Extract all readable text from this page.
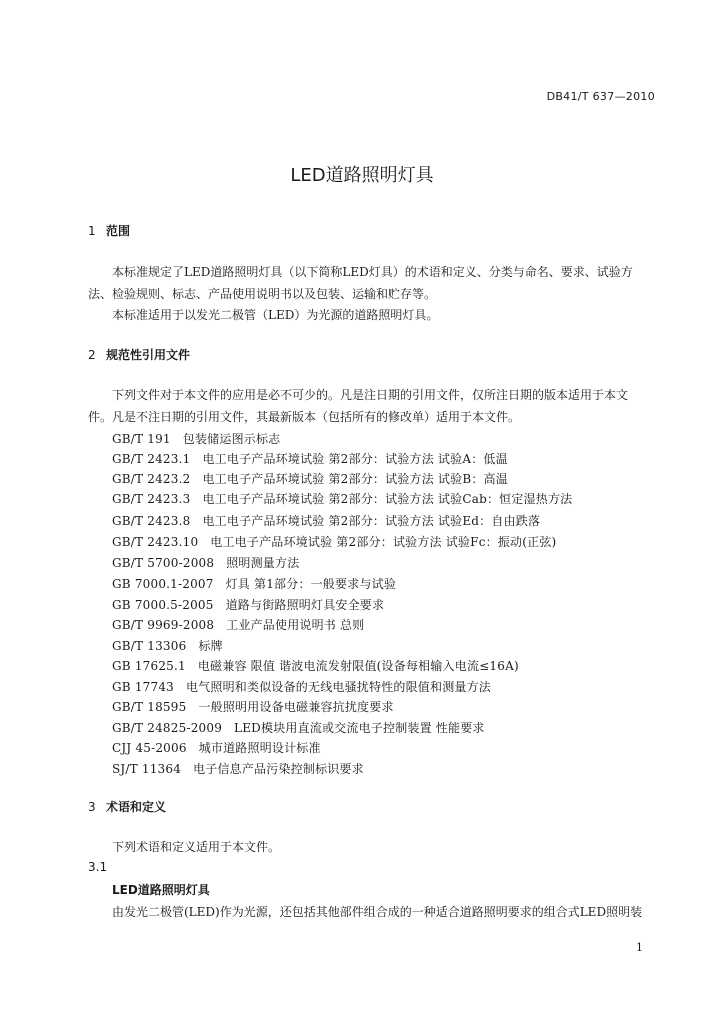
DB41/T 637—2010
LED道路照明灯具
1 范围
本标准规定了LED道路照明灯具（以下简称LED灯具）的术语和定义、分类与命名、要求、试验方
法、检验规则、标志、产品使用说明书以及包装、运输和贮存等。
本标准适用于以发光二极管（LED）为光源的道路照明灯具。
2 规范性引用文件
下列文件对于本文件的应用是必不可少的。凡是注日期的引用文件，仅所注日期的版本适用于本文
件。凡是不注日期的引用文件，其最新版本（包括所有的修改单）适用于本文件。
GB/T 191 包装储运图示标志
GB/T 2423.1 电工电子产品环境试验 第2部分：试验方法 试验A：低温
GB/T 2423.2 电工电子产品环境试验 第2部分：试验方法 试验B：高温
GB/T 2423.3 电工电子产品环境试验 第2部分：试验方法 试验Cab：恒定湿热方法
GB/T 2423.8 电工电子产品环境试验 第2部分：试验方法 试验Ed：自由跌落
GB/T 2423.10 电工电子产品环境试验 第2部分：试验方法 试验Fc：振动(正弦)
GB/T 5700-2008 照明测量方法
GB 7000.1-2007 灯具 第1部分：一般要求与试验
GB 7000.5-2005 道路与街路照明灯具安全要求
GB/T 9969-2008 工业产品使用说明书 总则
GB/T 13306 标牌
GB 17625.1 电磁兼容 限值 谐波电流发射限值(设备每相输入电流≤16A)
GB 17743 电气照明和类似设备的无线电骚扰特性的限值和测量方法
GB/T 18595 一般照明用设备电磁兼容抗扰度要求
GB/T 24825-2009 LED模块用直流或交流电子控制装置 性能要求
CJJ 45-2006 城市道路照明设计标准
SJ/T 11364 电子信息产品污染控制标识要求
3 术语和定义
下列术语和定义适用于本文件。
3.1
LED道路照明灯具
由发光二极管(LED)作为光源，还包括其他部件组合成的一种适合道路照明要求的组合式LED照明装
1
